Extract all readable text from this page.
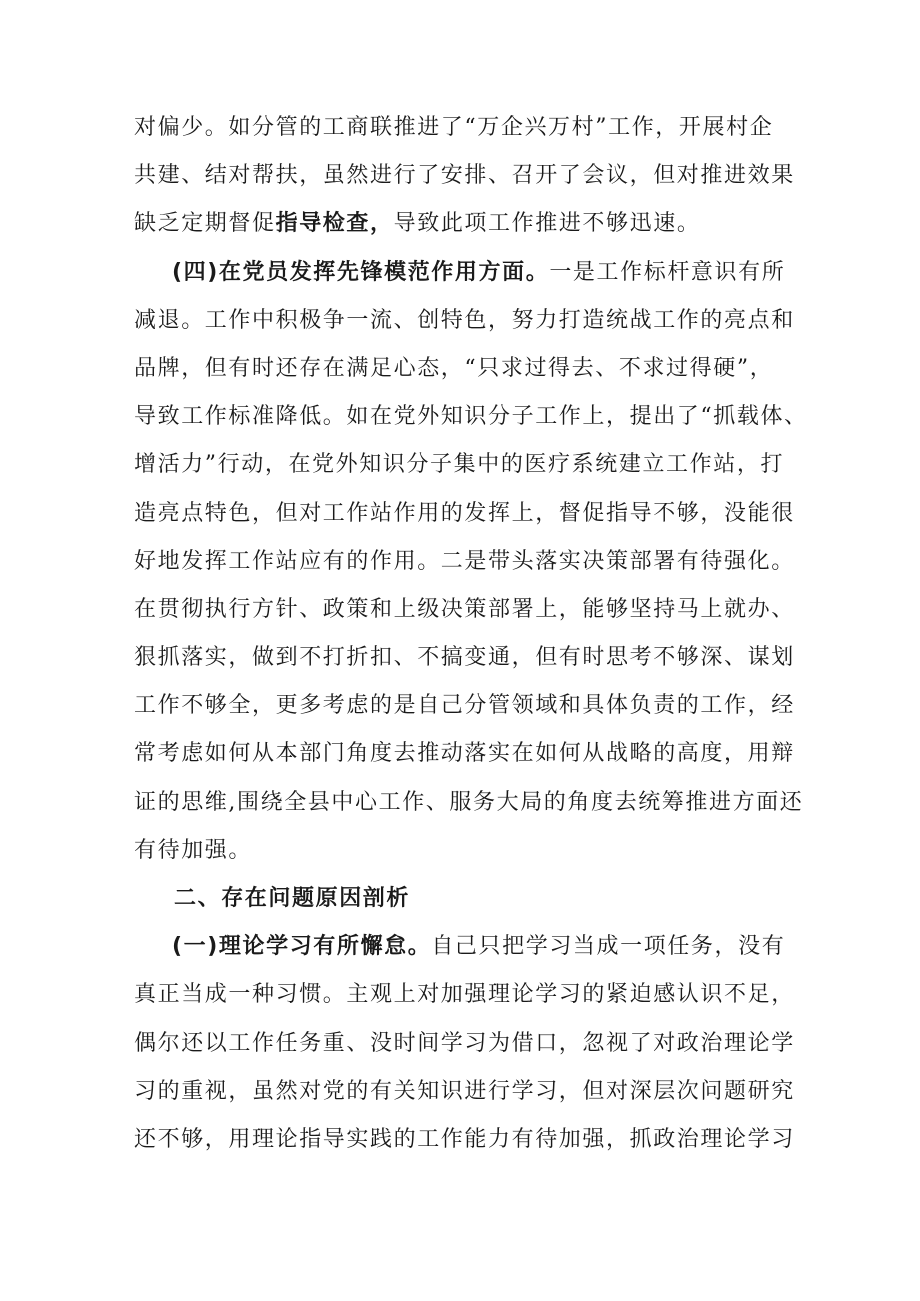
对偏少。如分管的工商联推进了“万企兴万村”工作，开展村企
共建、结对帮扶，虽然进行了安排、召开了会议，但对推进效果
缺乏定期督促指导检查，导致此项工作推进不够迅速。
(四)在党员发挥先锋模范作用方面。一是工作标杆意识有所
减退。工作中积极争一流、创特色，努力打造统战工作的亮点和
品牌，但有时还存在满足心态，“只求过得去、不求过得硬”，
导致工作标准降低。如在党外知识分子工作上，提出了“抓载体、
增活力”行动，在党外知识分子集中的医疗系统建立工作站，打
造亮点特色，但对工作站作用的发挥上，督促指导不够，没能很
好地发挥工作站应有的作用。二是带头落实决策部署有待强化。
在贯彻执行方针、政策和上级决策部署上，能够坚持马上就办、
狠抓落实，做到不打折扣、不搞变通，但有时思考不够深、谋划
工作不够全，更多考虑的是自己分管领域和具体负责的工作，经
常考虑如何从本部门角度去推动落实在如何从战略的高度，用辩
证的思维,围绕全县中心工作、服务大局的角度去统筹推进方面还
有待加强。
二、存在问题原因剖析
(一)理论学习有所懈怠。自己只把学习当成一项任务，没有
真正当成一种习惯。主观上对加强理论学习的紧迫感认识不足，
偶尔还以工作任务重、没时间学习为借口，忽视了对政治理论学
习的重视，虽然对党的有关知识进行学习，但对深层次问题研究
还不够，用理论指导实践的工作能力有待加强，抓政治理论学习
